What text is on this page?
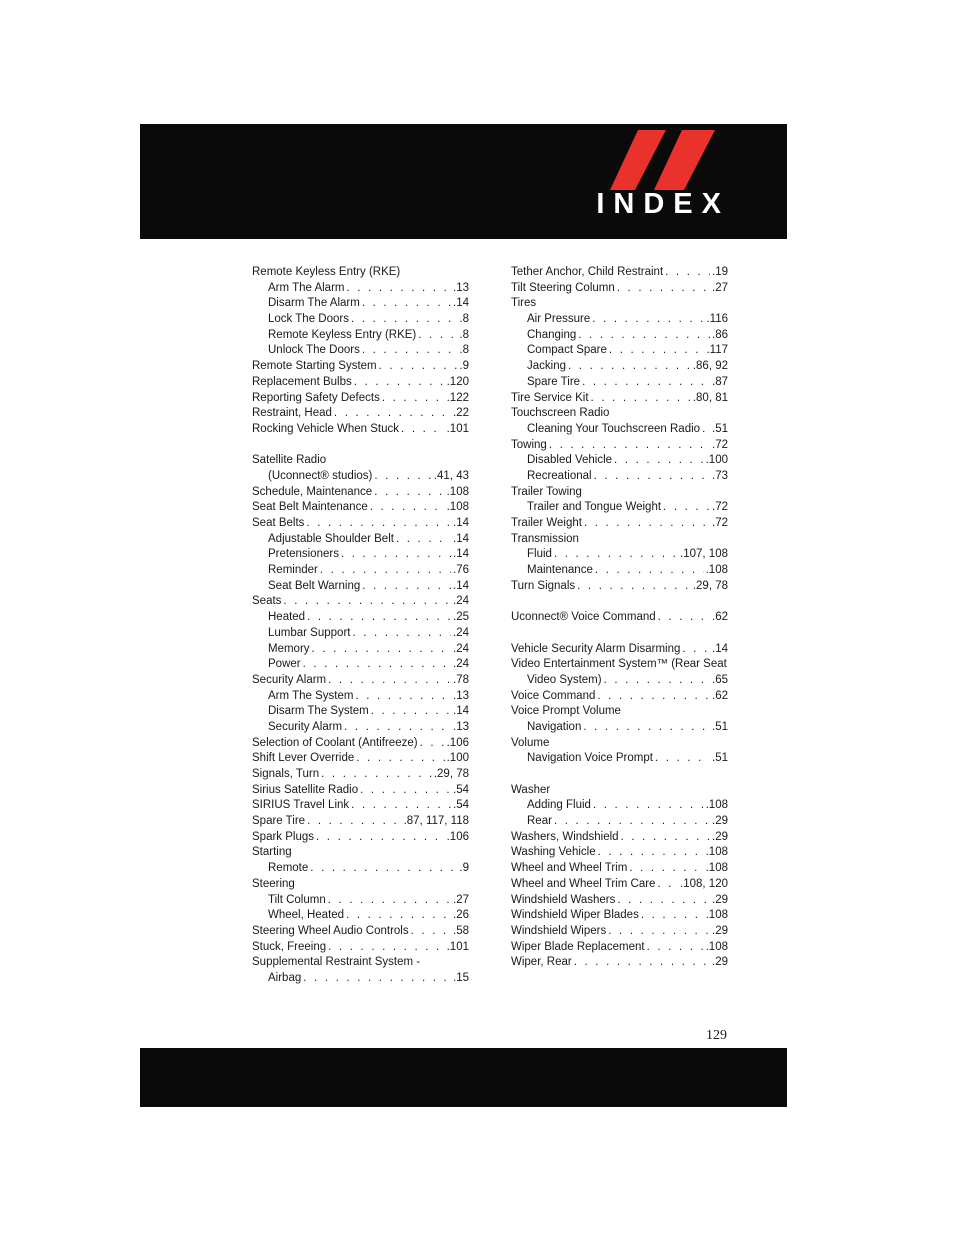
INDEX
Remote Keyless Entry (RKE)
Arm The Alarm . . .	.13
Disarm The Alarm . . .	.14
Lock The Doors . . .	.8
Remote Keyless Entry (RKE) . . .	.8
Unlock The Doors . . .	.8
Remote Starting System . . .	.9
Replacement Bulbs . . .	.120
Reporting Safety Defects . . .	.122
Restraint, Head . . .	.22
Rocking Vehicle When Stuck . . .	.101
Satellite Radio
(Uconnect® studios) . . .	.41, 43
Schedule, Maintenance . . .	.108
Seat Belt Maintenance . . .	.108
Seat Belts . . .	.14
Adjustable Shoulder Belt . . .	.14
Pretensioners . . .	.14
Reminder . . .	.76
Seat Belt Warning . . .	.14
Seats . . .	.24
Heated . . .	.25
Lumbar Support . . .	.24
Memory . . .	.24
Power . . .	.24
Security Alarm . . .	.78
Arm The System . . .	.13
Disarm The System . . .	.14
Security Alarm . . .	.13
Selection of Coolant (Antifreeze) . . .	.106
Shift Lever Override . . .	.100
Signals, Turn . . .	.29, 78
Sirius Satellite Radio . . .	.54
SIRIUS Travel Link . . .	.54
Spare Tire . . .	.87, 117, 118
Spark Plugs . . .	.106
Starting
Remote . . .	.9
Steering
Tilt Column . . .	.27
Wheel, Heated . . .	.26
Steering Wheel Audio Controls . . .	.58
Stuck, Freeing . . .	.101
Supplemental Restraint System -
Airbag . . .	.15
Tether Anchor, Child Restraint . . .	.19
Tilt Steering Column . . .	.27
Tires
Air Pressure . . .	.116
Changing . . .	.86
Compact Spare . . .	.117
Jacking . . .	.86, 92
Spare Tire . . .	.87
Tire Service Kit . . .	.80, 81
Touchscreen Radio
Cleaning Your Touchscreen Radio . . . .51
Towing . . .	.72
Disabled Vehicle . . .	.100
Recreational . . .	.73
Trailer Towing
Trailer and Tongue Weight . . .	.72
Trailer Weight . . .	.72
Transmission
Fluid . . .	.107, 108
Maintenance . . .	.108
Turn Signals . . .	.29, 78
Uconnect® Voice Command . . .	.62
Vehicle Security Alarm Disarming . . .	.14
Video Entertainment System™ (Rear Seat
Video System) . . .	.65
Voice Command . . .	.62
Voice Prompt Volume
Navigation . . .	.51
Volume
Navigation Voice Prompt . . .	.51
Washer
Adding Fluid . . .	.108
Rear . . .	.29
Washers, Windshield . . .	.29
Washing Vehicle . . .	.108
Wheel and Wheel Trim . . .	.108
Wheel and Wheel Trim Care . . . .108, 120
Windshield Washers . . .	.29
Windshield Wiper Blades . . .	.108
Windshield Wipers . . .	.29
Wiper Blade Replacement . . .	.108
Wiper, Rear . . .	.29
129
